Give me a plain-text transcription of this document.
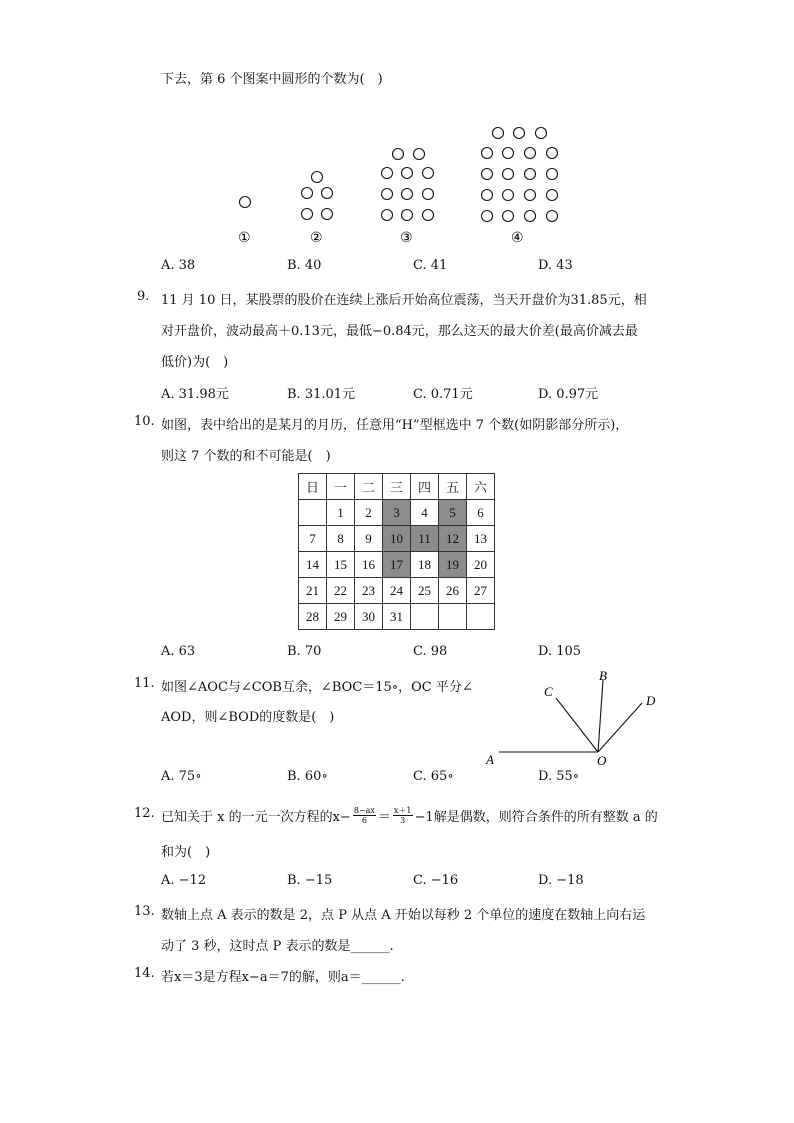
下去，第 6 个图案中圆形的个数为(　)
①	②	③	④
A. 38	B. 40	C. 41	D. 43
9. 11 月 10 日，某股票的股价在连续上涨后开始高位震荡，当天开盘价为31.85元，相
对开盘价，波动最高＋0.13元，最低−0.84元，那么这天的最大价差(最高价减去最
低价)为(　)
A. 31.98元	B. 31.01元	C. 0.71元	D. 0.97元
10. 如图，表中给出的是某月的月历，任意用“H”型框选中 7 个数(如阴影部分所示)，
则这 7 个数的和不可能是(　)
日	一	二	三	四	五	六
	1	2	3	4	5	6
7	8	9	10	11	12	13
14	15	16	17	18	19	20
21	22	23	24	25	26	27
28	29	30	31			
A. 63	B. 70	C. 98	D. 105
11. 如图∠AOC与∠COB互余，∠BOC＝15∘，OC 平分∠
AOD，则∠BOD的度数是(　)
A
B
C
D
O
A. 75∘	B. 60∘	C. 65∘	D. 55∘
12. 已知关于 x 的一元一次方程的$x- \frac{8-ax}{6} = \frac{x+1}{3} -1$解是偶数，则符合条件的所有整数 a 的
和为(　)
A. −12	B. −15	C. −16	D. −18
13. 数轴上点 A 表示的数是 2，点 P 从点 A 开始以每秒 2 个单位的速度在数轴上向右运
动了 3 秒，这时点 P 表示的数是______.
14. 若x＝3是方程x−a＝7的解，则a＝______.
